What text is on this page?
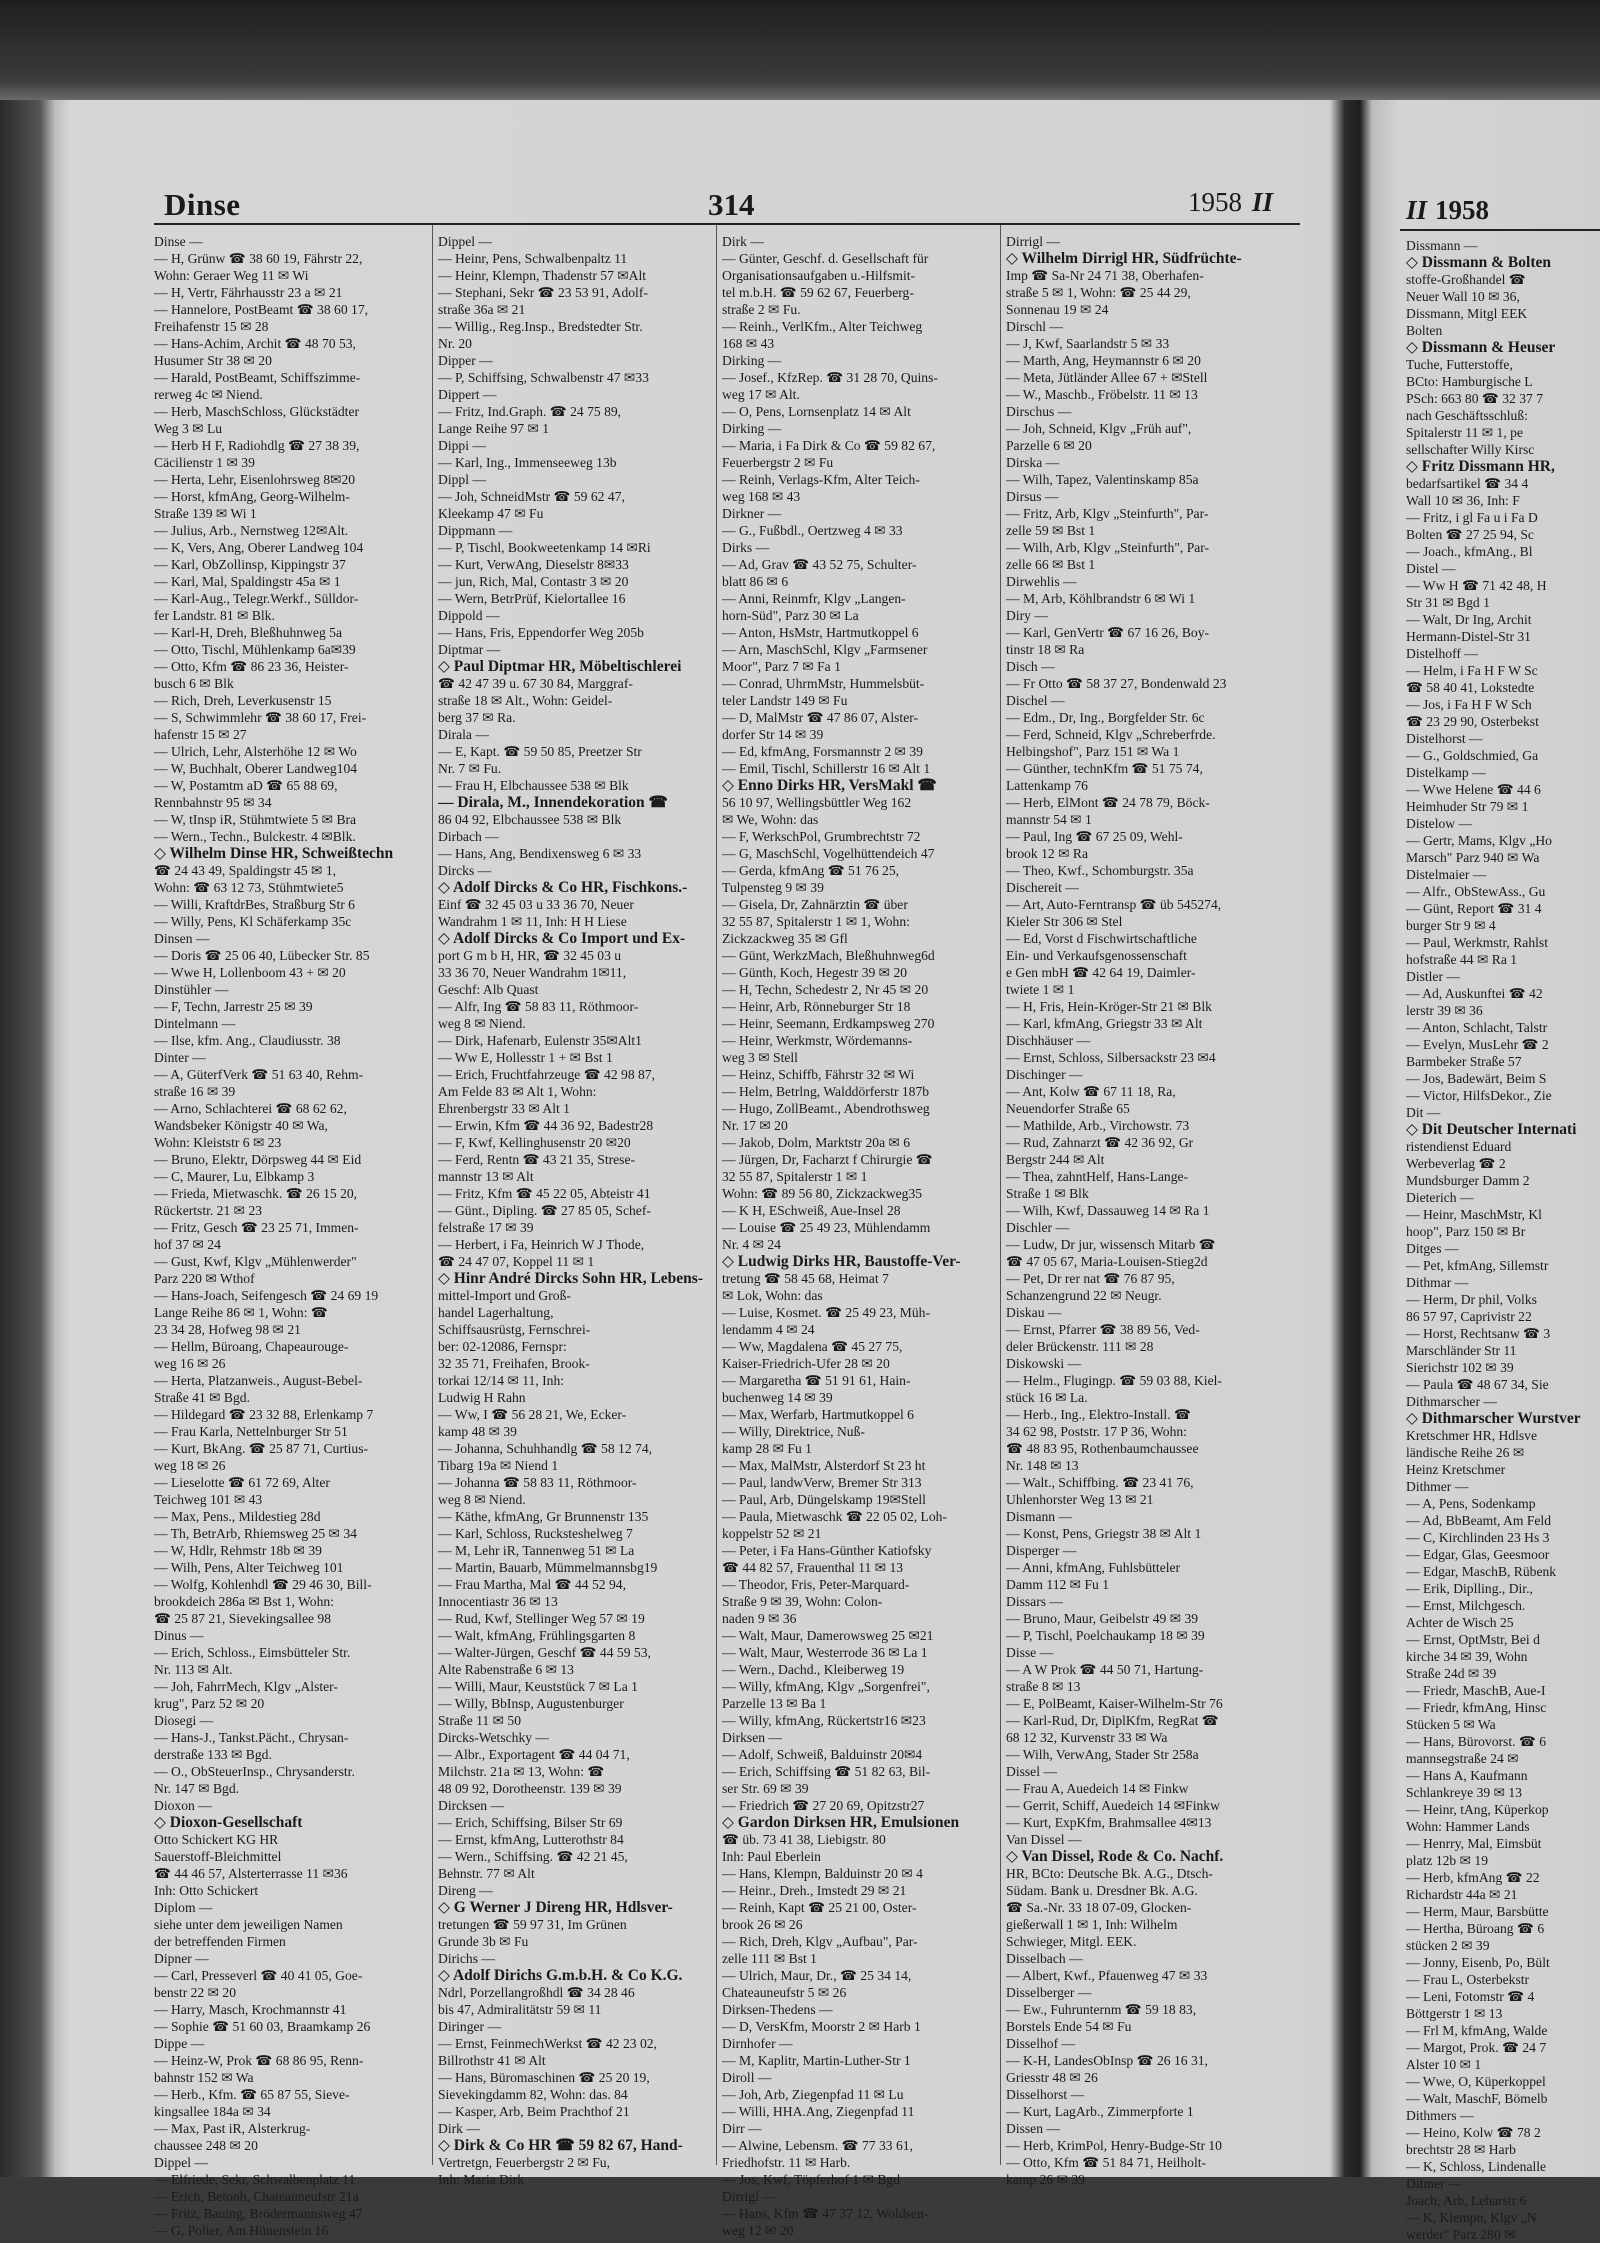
Dinse	314	1958 II
Dinse —
— H, Grünw ☎ 38 60 19, Fährstr 22,
Wohn: Geraer Weg 11 ✉ Wi
— H, Vertr, Fährhausstr 23 a ✉ 21
— Hannelore, PostBeamt ☎ 38 60 17,
Freihafenstr 15 ✉ 28
— Hans-Achim, Archit ☎ 48 70 53,
Husumer Str 38 ✉ 20
— Harald, PostBeamt, Schiffszimme-
rerweg 4c ✉ Niend.
— Herb, MaschSchloss, Glückstädter
Weg 3 ✉ Lu
— Herb H F, Radiohdlg ☎ 27 38 39,
Cäcilienstr 1 ✉ 39
— Herta, Lehr, Eisenlohrsweg 8✉20
— Horst, kfmAng, Georg-Wilhelm-
Straße 139 ✉ Wi 1
— Julius, Arb., Nernstweg 12✉Alt.
— K, Vers, Ang, Oberer Landweg 104
— Karl, ObZollinsp, Kippingstr 37
— Karl, Mal, Spaldingstr 45a ✉ 1
— Karl-Aug., Telegr.Werkf., Sülldor-
fer Landstr. 81 ✉ Blk.
— Karl-H, Dreh, Bleßhuhnweg 5a
— Otto, Tischl, Mühlenkamp 6a✉39
— Otto, Kfm ☎ 86 23 36, Heister-
busch 6 ✉ Blk
— Rich, Dreh, Leverkusenstr 15
— S, Schwimmlehr ☎ 38 60 17, Frei-
hafenstr 15 ✉ 27
— Ulrich, Lehr, Alsterhöhe 12 ✉ Wo
— W, Buchhalt, Oberer Landweg104
— W, Postamtm aD ☎ 65 88 69,
Rennbahnstr 95 ✉ 34
— W, tInsp iR, Stühmtwiete 5 ✉ Bra
— Wern., Techn., Bulckestr. 4 ✉Blk.
◇ Wilhelm Dinse HR, Schweißtechn
☎ 24 43 49, Spaldingstr 45 ✉ 1,
Wohn: ☎ 63 12 73, Stühmtwiete5
— Willi, KraftdrBes, Straßburg Str 6
— Willy, Pens, Kl Schäferkamp 35c
Dinsen —
— Doris ☎ 25 06 40, Lübecker Str. 85
— Wwe H, Lollenboom 43 + ✉ 20
Dinstühler —
— F, Techn, Jarrestr 25 ✉ 39
Dintelmann —
— Ilse, kfm. Ang., Claudiusstr. 38
Dinter —
— A, GüterfVerk ☎ 51 63 40, Rehm-
straße 16 ✉ 39
— Arno, Schlachterei ☎ 68 62 62,
Wandsbeker Königstr 40 ✉ Wa,
Wohn: Kleiststr 6 ✉ 23
— Bruno, Elektr, Dörpsweg 44 ✉ Eid
— C, Maurer, Lu, Elbkamp 3
— Frieda, Mietwaschk. ☎ 26 15 20,
Rückertstr. 21 ✉ 23
— Fritz, Gesch ☎ 23 25 71, Immen-
hof 37 ✉ 24
— Gust, Kwf, Klgv „Mühlenwerder"
Parz 220 ✉ Wthof
— Hans-Joach, Seifengesch ☎ 24 69 19
Lange Reihe 86 ✉ 1, Wohn: ☎
23 34 28, Hofweg 98 ✉ 21
— Hellm, Büroang, Chapeaurouge-
weg 16 ✉ 26
— Herta, Platzanweis., August-Bebel-
Straße 41 ✉ Bgd.
— Hildegard ☎ 23 32 88, Erlenkamp 7
— Frau Karla, Nettelnburger Str 51
— Kurt, BkAng. ☎ 25 87 71, Curtius-
weg 18 ✉ 26
— Lieselotte ☎ 61 72 69, Alter
Teichweg 101 ✉ 43
— Max, Pens., Mildestieg 28d
— Th, BetrArb, Rhiemsweg 25 ✉ 34
— W, Hdlr, Rehmstr 18b ✉ 39
— Wilh, Pens, Alter Teichweg 101
— Wolfg, Kohlenhdl ☎ 29 46 30, Bill-
brookdeich 286a ✉ Bst 1, Wohn:
☎ 25 87 21, Sievekingsallee 98
Dinus —
— Erich, Schloss., Eimsbütteler Str.
Nr. 113 ✉ Alt.
— Joh, FahrrMech, Klgv „Alster-
krug", Parz 52 ✉ 20
Diosegi —
— Hans-J., Tankst.Pächt., Chrysan-
derstraße 133 ✉ Bgd.
— O., ObSteuerInsp., Chrysanderstr.
Nr. 147 ✉ Bgd.
Dioxon —
◇ Dioxon-Gesellschaft
Otto Schickert KG HR
Sauerstoff-Bleichmittel
☎ 44 46 57, Alsterterrasse 11 ✉36
Inh: Otto Schickert
Diplom —
siehe unter dem jeweiligen Namen
der betreffenden Firmen
Dipner —
— Carl, Presseverl ☎ 40 41 05, Goe-
benstr 22 ✉ 20
— Harry, Masch, Krochmannstr 41
— Sophie ☎ 51 60 03, Braamkamp 26
Dippe —
— Heinz-W, Prok ☎ 68 86 95, Renn-
bahnstr 152 ✉ Wa
— Herb., Kfm. ☎ 65 87 55, Sieve-
kingsallee 184a ✉ 34
— Max, Past iR, Alsterkrug-
chaussee 248 ✉ 20
Dippel —
— Elfriede, Sekr, Schwalbenplatz 11
— Erich, Betonb, Chateauneufstr 21a
— Fritz, Bauing, Brödermannsweg 47
— G, Polier, Am Hünenstein 16
Dippel —
— Heinr, Pens, Schwalbenpaltz 11
— Heinr, Klempn, Thadenstr 57 ✉Alt
— Stephani, Sekr ☎ 23 53 91, Adolf-
straße 36a ✉ 21
— Willig., Reg.Insp., Bredstedter Str.
Nr. 20
Dipper —
— P, Schiffsing, Schwalbenstr 47 ✉33
Dippert —
— Fritz, Ind.Graph. ☎ 24 75 89,
Lange Reihe 97 ✉ 1
Dippi —
— Karl, Ing., Immenseeweg 13b
Dippl —
— Joh, SchneidMstr ☎ 59 62 47,
Kleekamp 47 ✉ Fu
Dippmann —
— P, Tischl, Bookweetenkamp 14 ✉Ri
— Kurt, VerwAng, Dieselstr 8✉33
— jun, Rich, Mal, Contastr 3 ✉ 20
— Wern, BetrPrüf, Kielortallee 16
Dippold —
— Hans, Fris, Eppendorfer Weg 205b
Diptmar —
◇ Paul Diptmar HR, Möbeltischlerei
☎ 42 47 39 u. 67 30 84, Marggraf-
straße 18 ✉ Alt., Wohn: Geidel-
berg 37 ✉ Ra.
Dirala —
— E, Kapt. ☎ 59 50 85, Preetzer Str
Nr. 7 ✉ Fu.
— Frau H, Elbchaussee 538 ✉ Blk
— Dirala, M., Innendekoration ☎
86 04 92, Elbchaussee 538 ✉ Blk
Dirbach —
— Hans, Ang, Bendixensweg 6 ✉ 33
Dircks —
◇ Adolf Dircks & Co HR, Fischkons.-
Einf ☎ 32 45 03 u 33 36 70, Neuer
Wandrahm 1 ✉ 11, Inh: H H Liese
◇ Adolf Dircks & Co Import und Ex-
port G m b H, HR, ☎ 32 45 03 u
33 36 70, Neuer Wandrahm 1✉11,
Geschf: Alb Quast
— Alfr, Ing ☎ 58 83 11, Röthmoor-
weg 8 ✉ Niend.
— Dirk, Hafenarb, Eulenstr 35✉Alt1
— Ww E, Hollesstr 1 + ✉ Bst 1
— Erich, Fruchtfahrzeuge ☎ 42 98 87,
Am Felde 83 ✉ Alt 1, Wohn:
Ehrenbergstr 33 ✉ Alt 1
— Erwin, Kfm ☎ 44 36 92, Badestr28
— F, Kwf, Kellinghusenstr 20 ✉20
— Ferd, Rentn ☎ 43 21 35, Strese-
mannstr 13 ✉ Alt
— Fritz, Kfm ☎ 45 22 05, Abteistr 41
— Günt., Dipling. ☎ 27 85 05, Schef-
felstraße 17 ✉ 39
— Herbert, i Fa, Heinrich W J Thode,
☎ 24 47 07, Koppel 11 ✉ 1
◇ Hinr André Dircks Sohn HR, Lebens-
mittel-Import und Groß-
handel Lagerhaltung,
Schiffsausrüstg, Fernschrei-
ber: 02-12086, Fernspr:
32 35 71, Freihafen, Brook-
torkai 12/14 ✉ 11, Inh:
Ludwig H Rahn
— Ww, I ☎ 56 28 21, We, Ecker-
kamp 48 ✉ 39
— Johanna, Schuhhandlg ☎ 58 12 74,
Tibarg 19a ✉ Niend 1
— Johanna ☎ 58 83 11, Röthmoor-
weg 8 ✉ Niend.
— Käthe, kfmAng, Gr Brunnenstr 135
— Karl, Schloss, Rucksteshelweg 7
— M, Lehr iR, Tannenweg 51 ✉ La
— Martin, Bauarb, Mümmelmannsbg19
— Frau Martha, Mal ☎ 44 52 94,
Innocentiastr 36 ✉ 13
— Rud, Kwf, Stellinger Weg 57 ✉ 19
— Walt, kfmAng, Frühlingsgarten 8
— Walter-Jürgen, Geschf ☎ 44 59 53,
Alte Rabenstraße 6 ✉ 13
— Willi, Maur, Keuststück 7 ✉ La 1
— Willy, BbInsp, Augustenburger
Straße 11 ✉ 50
Dircks-Wetschky —
— Albr., Exportagent ☎ 44 04 71,
Milchstr. 21a ✉ 13, Wohn: ☎
48 09 92, Dorotheenstr. 139 ✉ 39
Dircksen —
— Erich, Schiffsing, Bilser Str 69
— Ernst, kfmAng, Lutterothstr 84
— Wern., Schiffsing. ☎ 42 21 45,
Behnstr. 77 ✉ Alt
Direng —
◇ G Werner J Direng HR, Hdlsver-
tretungen ☎ 59 97 31, Im Grünen
Grunde 3b ✉ Fu
Dirichs —
◇ Adolf Dirichs G.m.b.H. & Co K.G.
Ndrl, Porzellangroßhdl ☎ 34 28 46
bis 47, Admiralitätstr 59 ✉ 11
Diringer —
— Ernst, FeinmechWerkst ☎ 42 23 02,
Billrothstr 41 ✉ Alt
— Hans, Büromaschinen ☎ 25 20 19,
Sievekingdamm 82, Wohn: das. 84
— Kasper, Arb, Beim Prachthof 21
Dirk —
◇ Dirk & Co HR ☎ 59 82 67, Hand-
Vertretgn, Feuerbergstr 2 ✉ Fu,
Inh: Maria Dirk
Dirk —
— Günter, Geschf. d. Gesellschaft für
Organisationsaufgaben u.-Hilfsmit-
tel m.b.H. ☎ 59 62 67, Feuerberg-
straße 2 ✉ Fu.
— Reinh., VerlKfm., Alter Teichweg
168 ✉ 43
Dirking —
— Josef., KfzRep. ☎ 31 28 70, Quins-
weg 17 ✉ Alt.
— O, Pens, Lornsenplatz 14 ✉ Alt
Dirking —
— Maria, i Fa Dirk & Co ☎ 59 82 67,
Feuerbergstr 2 ✉ Fu
— Reinh, Verlags-Kfm, Alter Teich-
weg 168 ✉ 43
Dirkner —
— G., Fußbdl., Oertzweg 4 ✉ 33
Dirks —
— Ad, Grav ☎ 43 52 75, Schulter-
blatt 86 ✉ 6
— Anni, Reinmfr, Klgv „Langen-
horn-Süd", Parz 30 ✉ La
— Anton, HsMstr, Hartmutkoppel 6
— Arn, MaschSchl, Klgv „Farmsener
Moor", Parz 7 ✉ Fa 1
— Conrad, UhrmMstr, Hummelsbüt-
teler Landstr 149 ✉ Fu
— D, MalMstr ☎ 47 86 07, Alster-
dorfer Str 14 ✉ 39
— Ed, kfmAng, Forsmannstr 2 ✉ 39
— Emil, Tischl, Schillerstr 16 ✉ Alt 1
◇ Enno Dirks HR, VersMakl ☎
56 10 97, Wellingsbüttler Weg 162
✉ We, Wohn: das
— F, WerkschPol, Grumbrechtstr 72
— G, MaschSchl, Vogelhüttendeich 47
— Gerda, kfmAng ☎ 51 76 25,
Tulpensteg 9 ✉ 39
— Gisela, Dr, Zahnärztin ☎ über
32 55 87, Spitalerstr 1 ✉ 1, Wohn:
Zickzackweg 35 ✉ Gfl
— Günt, WerkzMach, Bleßhuhnweg6d
— Günth, Koch, Hegestr 39 ✉ 20
— H, Techn, Schedestr 2, Nr 45 ✉ 20
— Heinr, Arb, Rönneburger Str 18
— Heinr, Seemann, Erdkampsweg 270
— Heinr, Werkmstr, Wördemanns-
weg 3 ✉ Stell
— Heinz, Schiffb, Fährstr 32 ✉ Wi
— Helm, Betrlng, Walddörferstr 187b
— Hugo, ZollBeamt., Abendrothsweg
Nr. 17 ✉ 20
— Jakob, Dolm, Marktstr 20a ✉ 6
— Jürgen, Dr, Facharzt f Chirurgie ☎
32 55 87, Spitalerstr 1 ✉ 1
Wohn: ☎ 89 56 80, Zickzackweg35
— K H, ESchweiß, Aue-Insel 28
— Louise ☎ 25 49 23, Mühlendamm
Nr. 4 ✉ 24
◇ Ludwig Dirks HR, Baustoffe-Ver-
tretung ☎ 58 45 68, Heimat 7
✉ Lok, Wohn: das
— Luise, Kosmet. ☎ 25 49 23, Müh-
lendamm 4 ✉ 24
— Ww, Magdalena ☎ 45 27 75,
Kaiser-Friedrich-Ufer 28 ✉ 20
— Margaretha ☎ 51 91 61, Hain-
buchenweg 14 ✉ 39
— Max, Werfarb, Hartmutkoppel 6
— Willy, Direktrice, Nuß-
kamp 28 ✉ Fu 1
— Max, MalMstr, Alsterdorf St 23 ht
— Paul, landwVerw, Bremer Str 313
— Paul, Arb, Düngelskamp 19✉Stell
— Paula, Mietwaschk ☎ 22 05 02, Loh-
koppelstr 52 ✉ 21
— Peter, i Fa Hans-Günther Katiofsky
☎ 44 82 57, Frauenthal 11 ✉ 13
— Theodor, Fris, Peter-Marquard-
Straße 9 ✉ 39, Wohn: Colon-
naden 9 ✉ 36
— Walt, Maur, Damerowsweg 25 ✉21
— Walt, Maur, Westerrode 36 ✉ La 1
— Wern., Dachd., Kleiberweg 19
— Willy, kfmAng, Klgv „Sorgenfrei",
Parzelle 13 ✉ Ba 1
— Willy, kfmAng, Rückertstr16 ✉23
Dirksen —
— Adolf, Schweiß, Balduinstr 20✉4
— Erich, Schiffsing ☎ 51 82 63, Bil-
ser Str. 69 ✉ 39
— Friedrich ☎ 27 20 69, Opitzstr27
◇ Gardon Dirksen HR, Emulsionen
☎ üb. 73 41 38, Liebigstr. 80
Inh: Paul Eberlein
— Hans, Klempn, Balduinstr 20 ✉ 4
— Heinr., Dreh., Imstedt 29 ✉ 21
— Reinh, Kapt ☎ 25 21 00, Oster-
brook 26 ✉ 26
— Rich, Dreh, Klgv „Aufbau", Par-
zelle 111 ✉ Bst 1
— Ulrich, Maur, Dr., ☎ 25 34 14,
Chateauneufstr 5 ✉ 26
Dirksen-Thedens —
— D, VersKfm, Moorstr 2 ✉ Harb 1
Dirnhofer —
— M, Kaplitr, Martin-Luther-Str 1
Diroll —
— Joh, Arb, Ziegenpfad 11 ✉ Lu
— Willi, HHA.Ang, Ziegenpfad 11
Dirr —
— Alwine, Lebensm. ☎ 77 33 61,
Friedhofstr. 11 ✉ Harb.
— Jos, Kwf, Töpferhof 1 ✉ Bgd
Dirrigl —
— Hans, Kfm ☎ 47 37 12, Woldsen-
weg 12 ✉ 20
Dirrigl —
◇ Wilhelm Dirrigl HR, Südfrüchte-
Imp ☎ Sa-Nr 24 71 38, Oberhafen-
straße 5 ✉ 1, Wohn: ☎ 25 44 29,
Sonnenau 19 ✉ 24
Dirschl —
— J, Kwf, Saarlandstr 5 ✉ 33
— Marth, Ang, Heymannstr 6 ✉ 20
— Meta, Jütländer Allee 67 + ✉Stell
— W., Maschb., Fröbelstr. 11 ✉ 13
Dirschus —
— Joh, Schneid, Klgv „Früh auf",
Parzelle 6 ✉ 20
Dirska —
— Wilh, Tapez, Valentinskamp 85a
Dirsus —
— Fritz, Arb, Klgv „Steinfurth", Par-
zelle 59 ✉ Bst 1
— Wilh, Arb, Klgv „Steinfurth", Par-
zelle 66 ✉ Bst 1
Dirwehlis —
— M, Arb, Köhlbrandstr 6 ✉ Wi 1
Diry —
— Karl, GenVertr ☎ 67 16 26, Boy-
tinstr 18 ✉ Ra
Disch —
— Fr Otto ☎ 58 37 27, Bondenwald 23
Dischel —
— Edm., Dr, Ing., Borgfelder Str. 6c
— Ferd, Schneid, Klgv „Schreberfrde.
Helbingshof", Parz 151 ✉ Wa 1
— Günther, technKfm ☎ 51 75 74,
Lattenkamp 76
— Herb, ElMont ☎ 24 78 79, Böck-
mannstr 54 ✉ 1
— Paul, Ing ☎ 67 25 09, Wehl-
brook 12 ✉ Ra
— Theo, Kwf., Schomburgstr. 35a
Dischereit —
— Art, Auto-Ferntransp ☎ üb 545274,
Kieler Str 306 ✉ Stel
— Ed, Vorst d Fischwirtschaftliche
Ein- und Verkaufsgenossenschaft
e Gen mbH ☎ 42 64 19, Daimler-
twiete 1 ✉ 1
— H, Fris, Hein-Kröger-Str 21 ✉ Blk
— Karl, kfmAng, Griegstr 33 ✉ Alt
Dischhäuser —
— Ernst, Schloss, Silbersackstr 23 ✉4
Dischinger —
— Ant, Kolw ☎ 67 11 18, Ra,
Neuendorfer Straße 65
— Mathilde, Arb., Virchowstr. 73
— Rud, Zahnarzt ☎ 42 36 92, Gr
Bergstr 244 ✉ Alt
— Thea, zahntHelf, Hans-Lange-
Straße 1 ✉ Blk
— Wilh, Kwf, Dassauweg 14 ✉ Ra 1
Dischler —
— Ludw, Dr jur, wissensch Mitarb ☎
☎ 47 05 67, Maria-Louisen-Stieg2d
— Pet, Dr rer nat ☎ 76 87 95,
Schanzengrund 22 ✉ Neugr.
Diskau —
— Ernst, Pfarrer ☎ 38 89 56, Ved-
deler Brückenstr. 111 ✉ 28
Diskowski —
— Helm., Flugingp. ☎ 59 03 88, Kiel-
stück 16 ✉ La.
— Herb., Ing., Elektro-Install. ☎
34 62 98, Poststr. 17 P 36, Wohn:
☎ 48 83 95, Rothenbaumchaussee
Nr. 148 ✉ 13
— Walt., Schiffbing. ☎ 23 41 76,
Uhlenhorster Weg 13 ✉ 21
Dismann —
— Konst, Pens, Griegstr 38 ✉ Alt 1
Disperger —
— Anni, kfmAng, Fuhlsbütteler
Damm 112 ✉ Fu 1
Dissars —
— Bruno, Maur, Geibelstr 49 ✉ 39
— P, Tischl, Poelchaukamp 18 ✉ 39
Disse —
— A W Prok ☎ 44 50 71, Hartung-
straße 8 ✉ 13
— E, PolBeamt, Kaiser-Wilhelm-Str 76
— Karl-Rud, Dr, DiplKfm, RegRat ☎
68 12 32, Kurvenstr 33 ✉ Wa
— Wilh, VerwAng, Stader Str 258a
Dissel —
— Frau A, Auedeich 14 ✉ Finkw
— Gerrit, Schiff, Auedeich 14 ✉Finkw
— Kurt, ExpKfm, Brahmsallee 4✉13
Van Dissel —
◇ Van Dissel, Rode & Co. Nachf.
HR, BCto: Deutsche Bk. A.G., Dtsch-
Südam. Bank u. Dresdner Bk. A.G.
☎ Sa.-Nr. 33 18 07-09, Glocken-
gießerwall 1 ✉ 1, Inh: Wilhelm
Schwieger, Mitgl. EEK.
Disselbach —
— Albert, Kwf., Pfauenweg 47 ✉ 33
Disselberger —
— Ew., Fuhrunternm ☎ 59 18 83,
Borstels Ende 54 ✉ Fu
Disselhof —
— K-H, LandesObInsp ☎ 26 16 31,
Griesstr 48 ✉ 26
Disselhorst —
— Kurt, LagArb., Zimmerpforte 1
Dissen —
— Herb, KrimPol, Henry-Budge-Str 10
— Otto, Kfm ☎ 51 84 71, Heilholt-
kamp 26 ✉ 39
II 1958
Dissmann —
◇ Dissmann & Bolten
stoffe-Großhandel ☎
Neuer Wall 10 ✉ 36,
Dissmann, Mitgl EEK
Bolten
◇ Dissmann & Heuser
Tuche, Futterstoffe,
BCto: Hamburgische L
PSch: 663 80 ☎ 32 37 7
nach Geschäftsschluß:
Spitalerstr 11 ✉ 1, pe
sellschafter Willy Kirsc
◇ Fritz Dissmann HR,
bedarfsartikel ☎ 34 4
Wall 10 ✉ 36, Inh: F
— Fritz, i gl Fa u i Fa D
Bolten ☎ 27 25 94, Sc
— Joach., kfmAng., Bl
Distel —
— Ww H ☎ 71 42 48, H
Str 31 ✉ Bgd 1
— Walt, Dr Ing, Archit
Hermann-Distel-Str 31
Distelhoff —
— Helm, i Fa H F W Sc
☎ 58 40 41, Lokstedte
— Jos, i Fa H F W Sch
☎ 23 29 90, Osterbekst
Distelhorst —
— G., Goldschmied, Ga
Distelkamp —
— Wwe Helene ☎ 44 6
Heimhuder Str 79 ✉ 1
Distelow —
— Gertr, Mams, Klgv „Ho
Marsch" Parz 940 ✉ Wa
Distelmaier —
— Alfr., ObStewAss., Gu
— Günt, Report ☎ 31 4
burger Str 9 ✉ 4
— Paul, Werkmstr, Rahlst
hofstraße 44 ✉ Ra 1
Distler —
— Ad, Auskunftei ☎ 42
lerstr 39 ✉ 36
— Anton, Schlacht, Talstr
— Evelyn, MusLehr ☎ 2
Barmbeker Straße 57
— Jos, Badewärt, Beim S
— Victor, HilfsDekor., Zie
Dit —
◇ Dit Deutscher Internati
ristendienst Eduard
Werbeverlag ☎ 2
Mundsburger Damm 2
Dieterich —
— Heinr, MaschMstr, Kl
hoop", Parz 150 ✉ Br
Ditges —
— Pet, kfmAng, Sillemstr
Dithmar —
— Herm, Dr phil, Volks
86 57 97, Caprivistr 22
— Horst, Rechtsanw ☎ 3
Marschländer Str 11
Sierichstr 102 ✉ 39
— Paula ☎ 48 67 34, Sie
Dithmarscher —
◇ Dithmarscher Wurstver
Kretschmer HR, Hdlsve
ländische Reihe 26 ✉
Heinz Kretschmer
Dithmer —
— A, Pens, Sodenkamp
— Ad, BbBeamt, Am Feld
— C, Kirchlinden 23 Hs 3
— Edgar, Glas, Geesmoor
— Edgar, MaschB, Rübenk
— Erik, Diplling., Dir.,
— Ernst, Milchgesch.
Achter de Wisch 25
— Ernst, OptMstr, Bei d
kirche 34 ✉ 39, Wohn
Straße 24d ✉ 39
— Friedr, MaschB, Aue-I
— Friedr, kfmAng, Hinsc
Stücken 5 ✉ Wa
— Hans, Bürovorst. ☎ 6
mannsegstraße 24 ✉
— Hans A, Kaufmann
Schlankreye 39 ✉ 13
— Heinr, tAng, Küperkop
Wohn: Hammer Lands
— Henrry, Mal, Eimsbüt
platz 12b ✉ 19
— Herb, kfmAng ☎ 22
Richardstr 44a ✉ 21
— Herm, Maur, Barsbütte
— Hertha, Büroang ☎ 6
stücken 2 ✉ 39
— Jonny, Eisenb, Po, Bült
— Frau L, Osterbekstr
— Leni, Fotomstr ☎ 4
Böttgerstr 1 ✉ 13
— Frl M, kfmAng, Walde
— Margot, Prok. ☎ 24 7
Alster 10 ✉ 1
— Wwe, O, Küperkoppel
— Walt, MaschF, Bömelb
Dithmers —
— Heino, Kolw ☎ 78 2
brechtstr 28 ✉ Harb
— K, Schloss, Lindenalle
Ditmer —
Joach, Arb, Leharstr 6
— K, Klempn, Klgv „N
werder" Parz 280 ✉
